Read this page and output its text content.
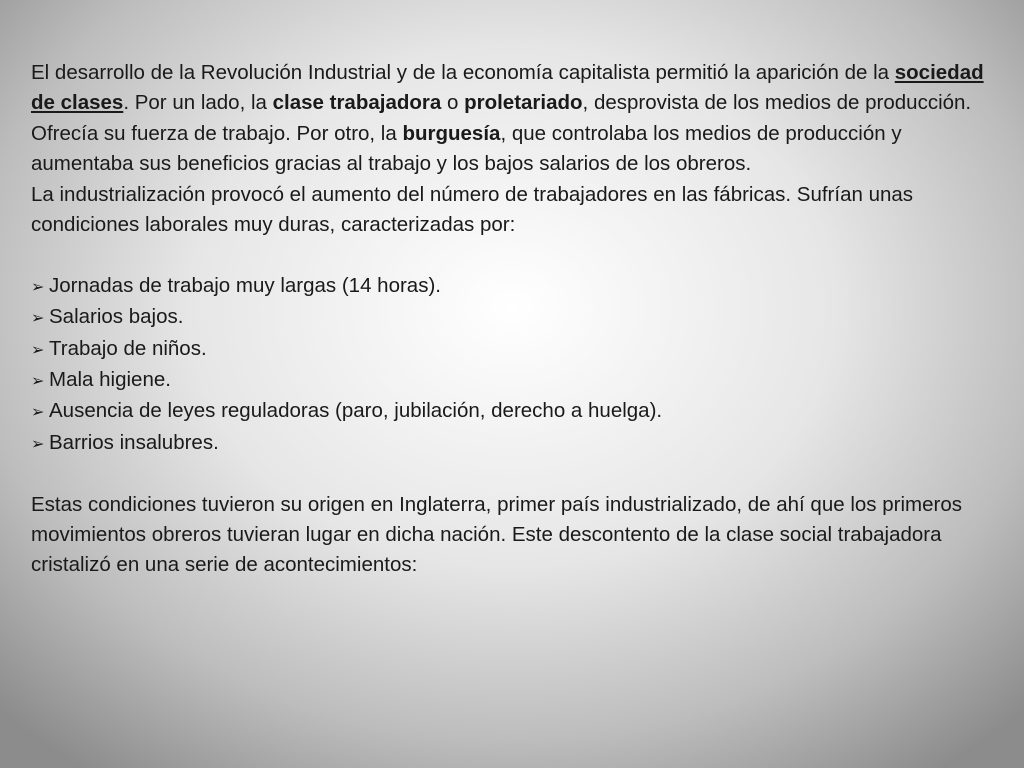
El desarrollo de la Revolución Industrial y de la economía capitalista permitió la aparición de la sociedad de clases. Por un lado, la clase trabajadora o proletariado, desprovista de los medios de producción. Ofrecía su fuerza de trabajo. Por otro, la burguesía, que controlaba los medios de producción y aumentaba sus beneficios gracias al trabajo y los bajos salarios de los obreros.

La industrialización provocó el aumento del número de trabajadores en las fábricas. Sufrían unas condiciones laborales muy duras, caracterizadas por:

➢ Jornadas de trabajo muy largas (14 horas).
➢ Salarios bajos.
➢ Trabajo de niños.
➢ Mala higiene.
➢ Ausencia de leyes reguladoras (paro, jubilación, derecho a huelga).
➢ Barrios insalubres.

Estas condiciones tuvieron su origen en Inglaterra, primer país industrializado, de ahí que los primeros movimientos obreros tuvieran lugar en dicha nación. Este descontento de la clase social trabajadora cristalizó en una serie de acontecimientos:
